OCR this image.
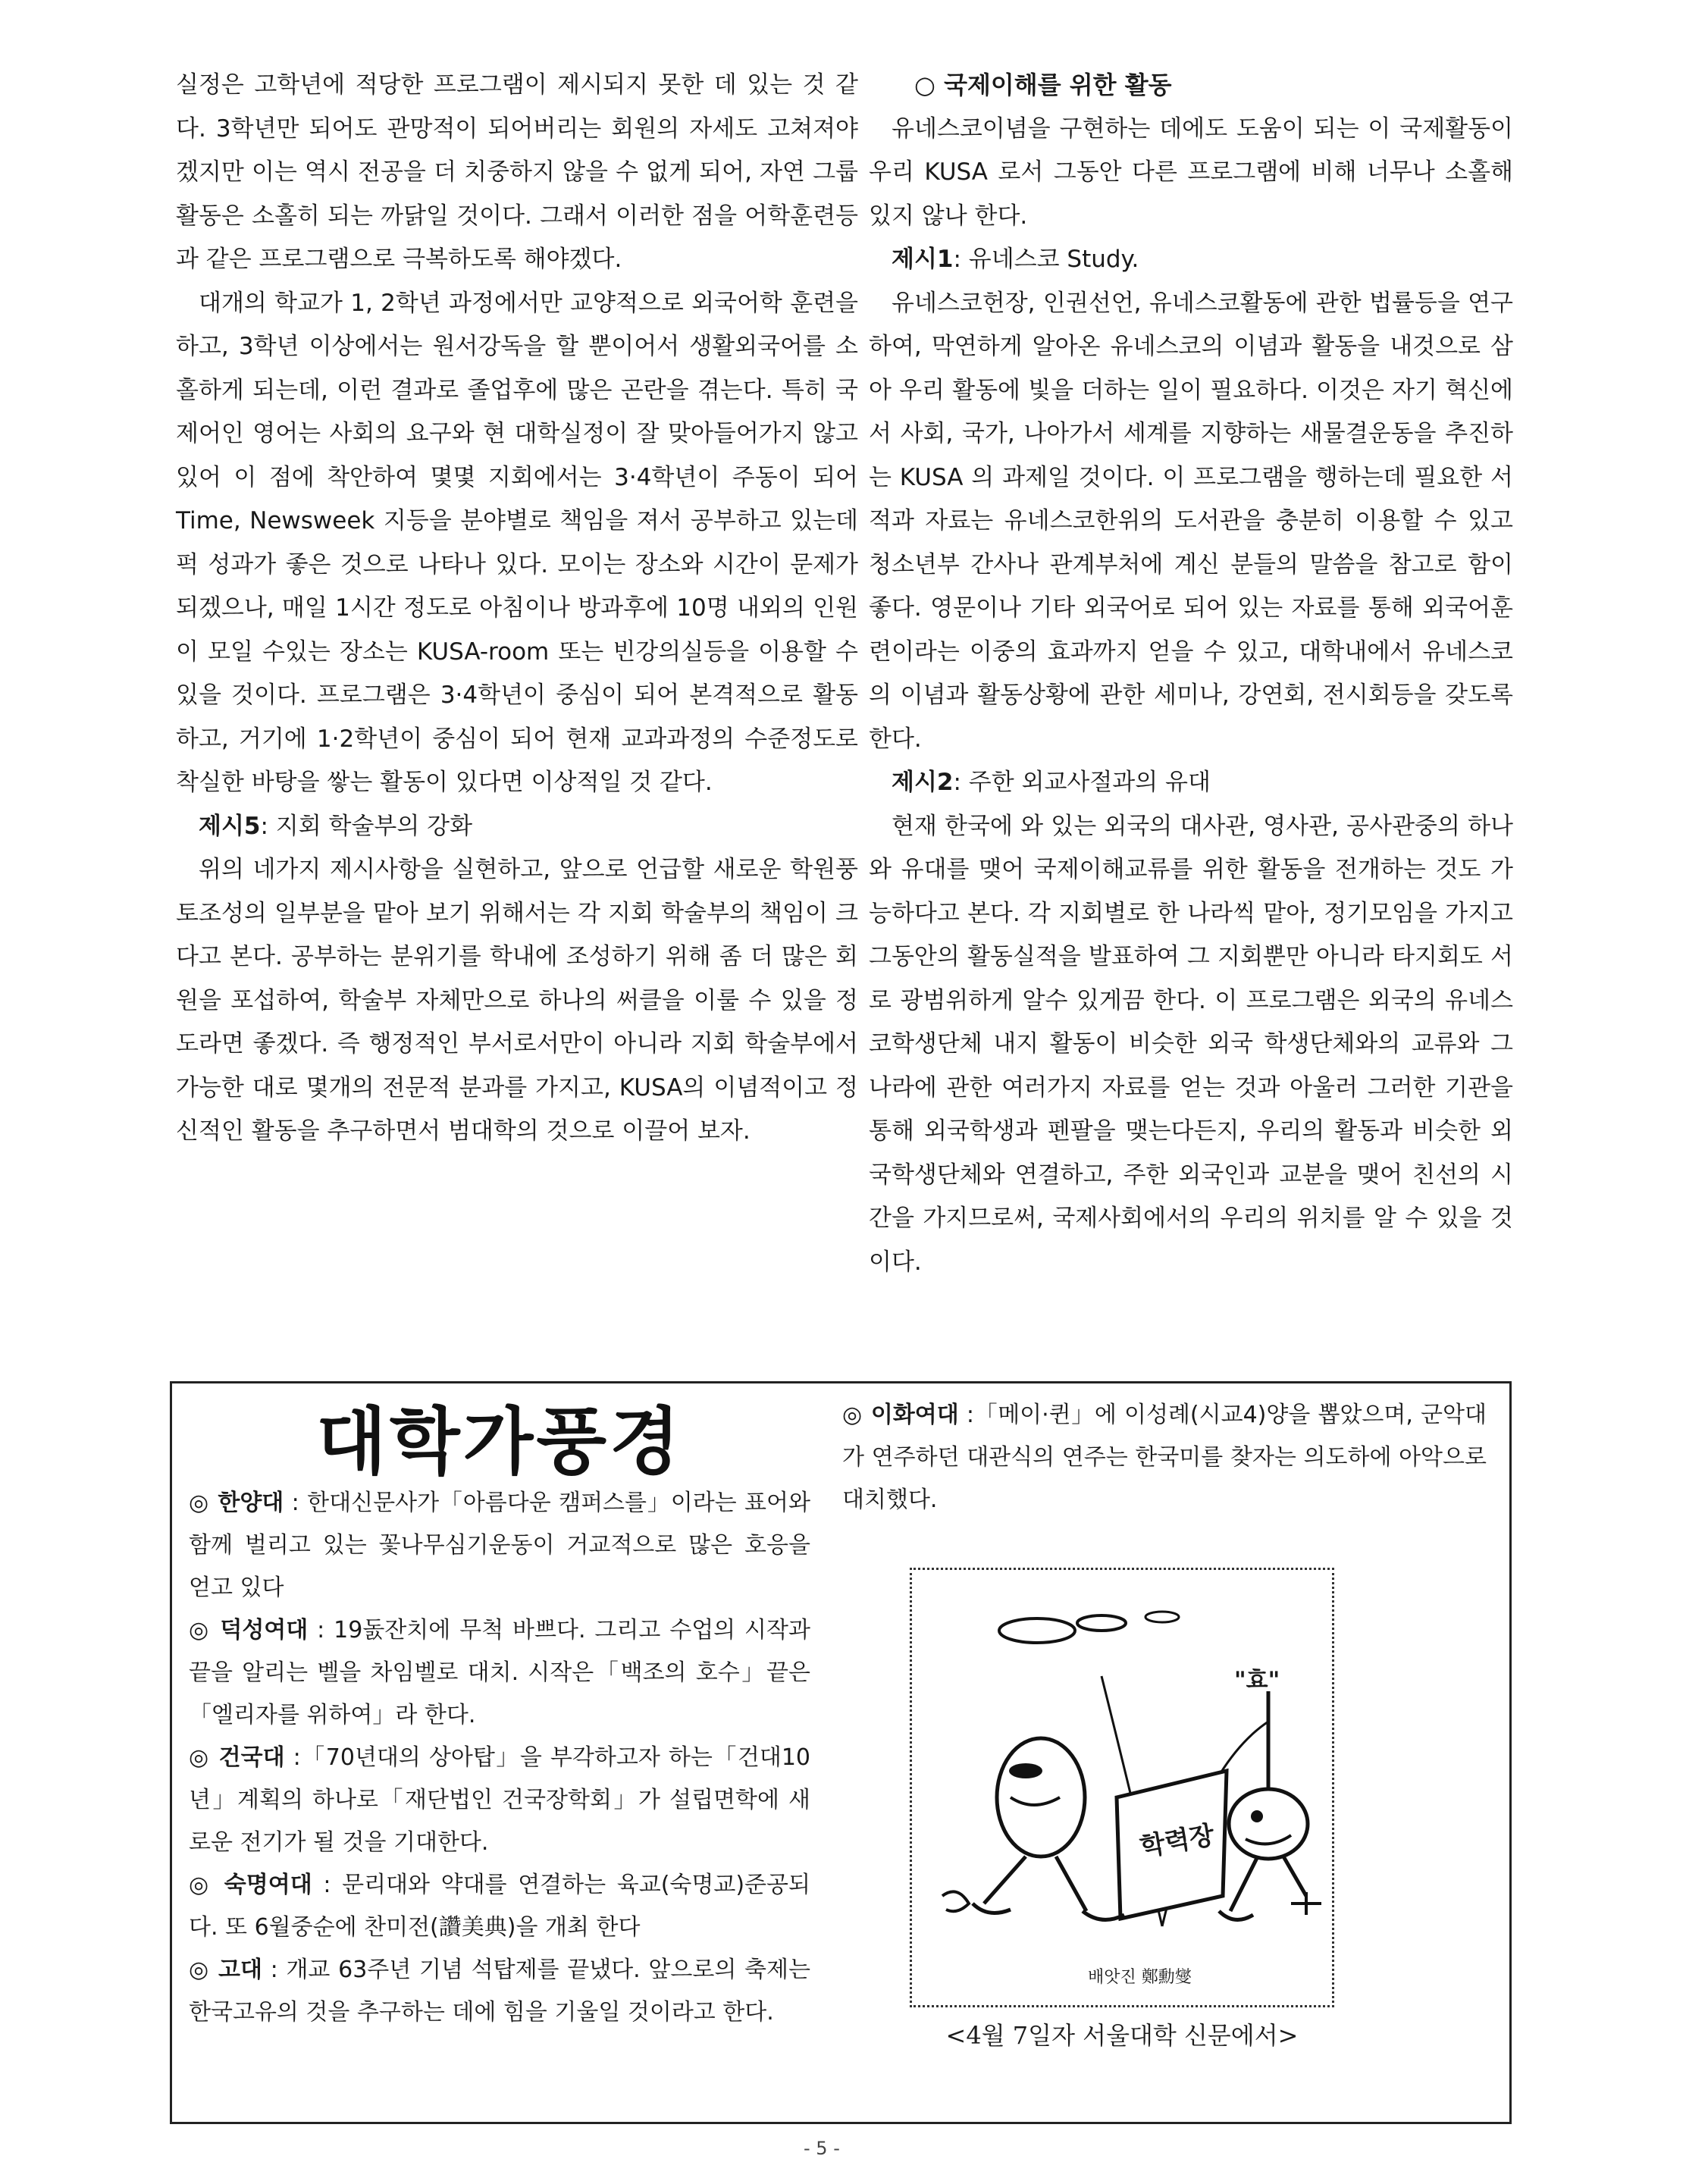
실정은 고학년에 적당한 프로그램이 제시되지 못한 데 있는 것 같다. 3학년만 되어도 관망적이 되어버리는 회원의 자세도 고쳐져야겠지만 이는 역시 전공을 더 치중하지 않을 수 없게 되어, 자연 그룹활동은 소홀히 되는 까닭일 것이다. 그래서 이러한 점을 어학훈련등과 같은 프로그램으로 극복하도록 해야겠다.

대개의 학교가 1, 2학년 과정에서만 교양적으로 외국어학 훈련을 하고, 3학년 이상에서는 원서강독을 할 뿐이어서 생활외국어를 소홀하게 되는데, 이런 결과로 졸업후에 많은 곤란을 겪는다. 특히 국제어인 영어는 사회의 요구와 현 대학실정이 잘 맞아들어가지 않고 있어 이 점에 착안하여 몇몇 지회에서는 3·4학년이 주동이 되어 Time, Newsweek 지등을 분야별로 책임을 져서 공부하고 있는데 퍽 성과가 좋은 것으로 나타나 있다. 모이는 장소와 시간이 문제가 되겠으나, 매일 1시간 정도로 아침이나 방과후에 10명 내외의 인원이 모일 수있는 장소는 KUSA-room 또는 빈강의실등을 이용할 수 있을 것이다. 프로그램은 3·4학년이 중심이 되어 본격적으로 활동하고, 거기에 1·2학년이 중심이 되어 현재 교과과정의 수준정도로 착실한 바탕을 쌓는 활동이 있다면 이상적일 것 같다.

제시5: 지회 학술부의 강화

위의 네가지 제시사항을 실현하고, 앞으로 언급할 새로운 학원풍토조성의 일부분을 맡아 보기 위해서는 각 지회 학술부의 책임이 크다고 본다. 공부하는 분위기를 학내에 조성하기 위해 좀 더 많은 회원을 포섭하여, 학술부 자체만으로 하나의 써클을 이룰 수 있을 정도라면 좋겠다. 즉 행정적인 부서로서만이 아니라 지회 학술부에서 가능한 대로 몇개의 전문적 분과를 가지고, KUSA의 이념적이고 정신적인 활동을 추구하면서 범대학의 것으로 이끌어 보자.

○ 국제이해를 위한 활동

유네스코이념을 구현하는 데에도 도움이 되는 이 국제활동이 우리 KUSA 로서 그동안 다른 프로그램에 비해 너무나 소홀해 있지 않나 한다.

제시1: 유네스코 Study.

유네스코헌장, 인권선언, 유네스코활동에 관한 법률등을 연구하여, 막연하게 알아온 유네스코의 이념과 활동을 내것으로 삼아 우리 활동에 빛을 더하는 일이 필요하다. 이것은 자기 혁신에서 사회, 국가, 나아가서 세계를 지향하는 새물결운동을 추진하는 KUSA 의 과제일 것이다. 이 프로그램을 행하는데 필요한 서적과 자료는 유네스코한위의 도서관을 충분히 이용할 수 있고 청소년부 간사나 관계부처에 계신 분들의 말씀을 참고로 함이 좋다. 영문이나 기타 외국어로 되어 있는 자료를 통해 외국어훈련이라는 이중의 효과까지 얻을 수 있고, 대학내에서 유네스코의 이념과 활동상황에 관한 세미나, 강연회, 전시회등을 갖도록 한다.

제시2: 주한 외교사절과의 유대

현재 한국에 와 있는 외국의 대사관, 영사관, 공사관중의 하나와 유대를 맺어 국제이해교류를 위한 활동을 전개하는 것도 가능하다고 본다. 각 지회별로 한 나라씩 맡아, 정기모임을 가지고 그동안의 활동실적을 발표하여 그 지회뿐만 아니라 타지회도 서로 광범위하게 알수 있게끔 한다. 이 프로그램은 외국의 유네스코학생단체 내지 활동이 비슷한 외국 학생단체와의 교류와 그 나라에 관한 여러가지 자료를 얻는 것과 아울러 그러한 기관을 통해 외국학생과 펜팔을 맺는다든지, 우리의 활동과 비슷한 외국학생단체와 연결하고, 주한 외국인과 교분을 맺어 친선의 시간을 가지므로써, 국제사회에서의 우리의 위치를 알 수 있을 것이다.

대학가풍경

◎ 한양대 : 한대신문사가「아름다운 캠퍼스를」이라는 표어와 함께 벌리고 있는 꽃나무심기운동이 거교적으로 많은 호응을 얻고 있다

◎ 덕성여대 : 19돐잔치에 무척 바쁘다. 그리고 수업의 시작과끝을 알리는 벨을 차임벨로 대치. 시작은「백조의 호수」끝은「엘리자를 위하여」라 한다.

◎ 건국대 :「70년대의 상아탑」을 부각하고자 하는「건대10년」계획의 하나로「재단법인 건국장학회」가 설립면학에 새로운 전기가 될 것을 기대한다.

◎ 숙명여대 : 문리대와 약대를 연결하는 육교(숙명교)준공되다. 또 6월중순에 찬미전(讚美典)을 개최 한다

◎ 고대 : 개교 63주년 기념 석탑제를 끝냈다. 앞으로의 축제는 한국고유의 것을 추구하는 데에 힘을 기울일 것이라고 한다.

◎ 이화여대 :「메이·퀸」에 이성례(시교4)양을 뽑았으며, 군악대가 연주하던 대관식의 연주는 한국미를 찾자는 의도하에 아악으로 대치했다.

학력장
"효"
배앗진 鄭勳燮
<4월 7일자 서울대학 신문에서>
- 5 -
